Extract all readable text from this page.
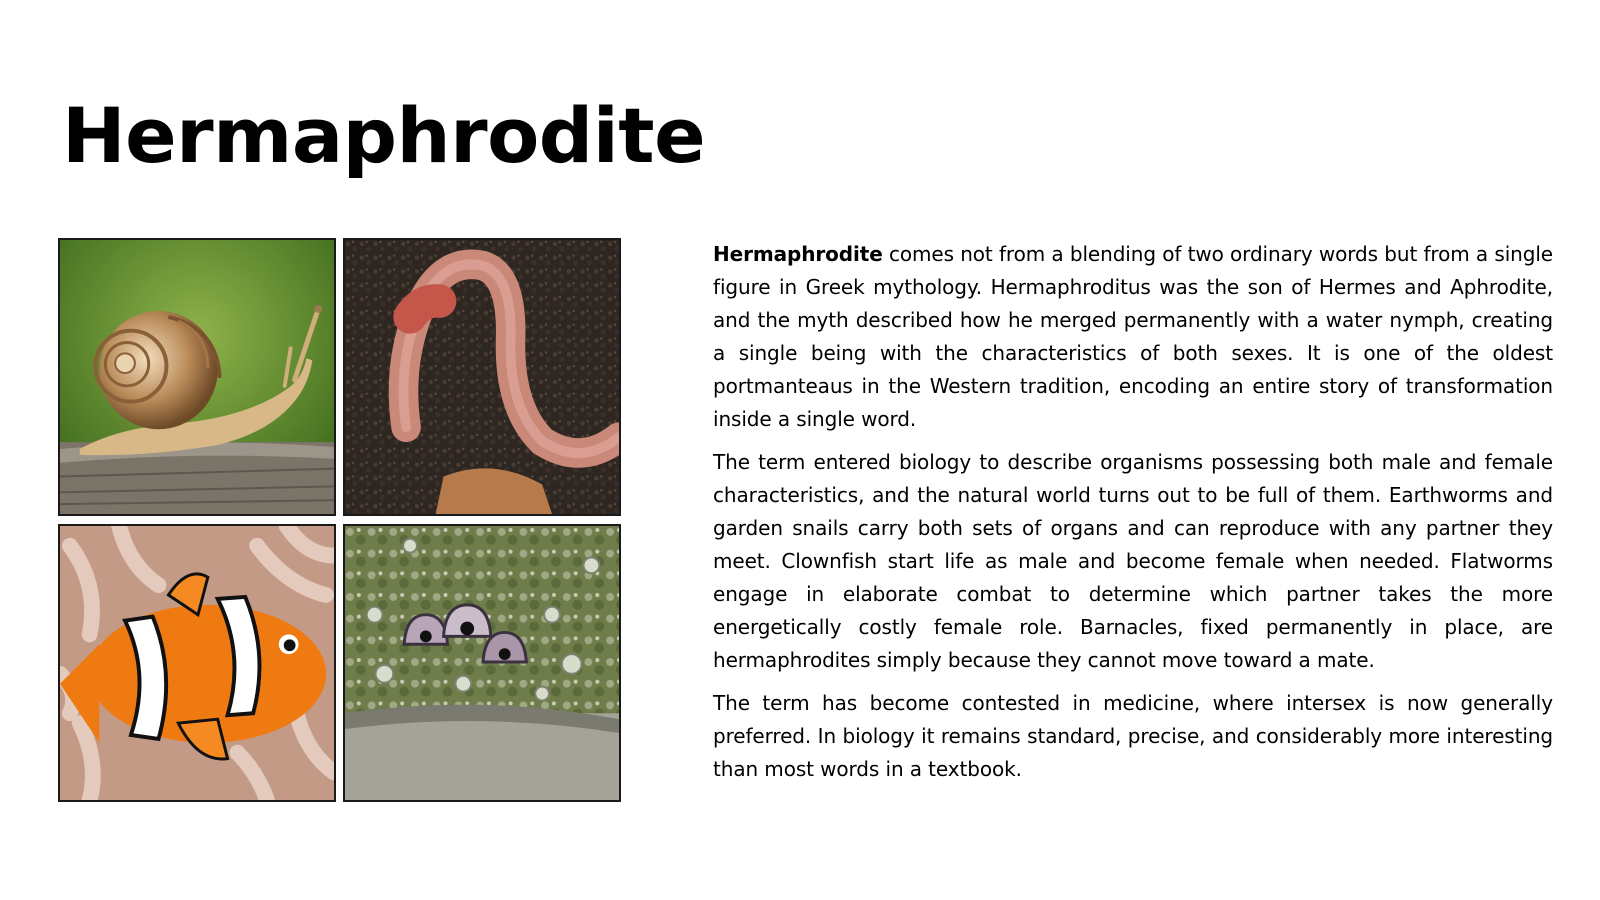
Hermaphrodite

Hermaphrodite comes not from a blending of two ordinary words but from a single figure in Greek mythology. Hermaphroditus was the son of Hermes and Aphrodite, and the myth described how he merged permanently with a water nymph, creating a single being with the characteristics of both sexes. It is one of the oldest portmanteaus in the Western tradition, encoding an entire story of transformation inside a single word.

The term entered biology to describe organisms possessing both male and female characteristics, and the natural world turns out to be full of them. Earthworms and garden snails carry both sets of organs and can reproduce with any partner they meet. Clownfish start life as male and become female when needed. Flatworms engage in elaborate combat to determine which partner takes the more energetically costly female role. Barnacles, fixed permanently in place, are hermaphrodites simply because they cannot move toward a mate.

The term has become contested in medicine, where intersex is now generally preferred. In biology it remains standard, precise, and considerably more interesting than most words in a textbook.
